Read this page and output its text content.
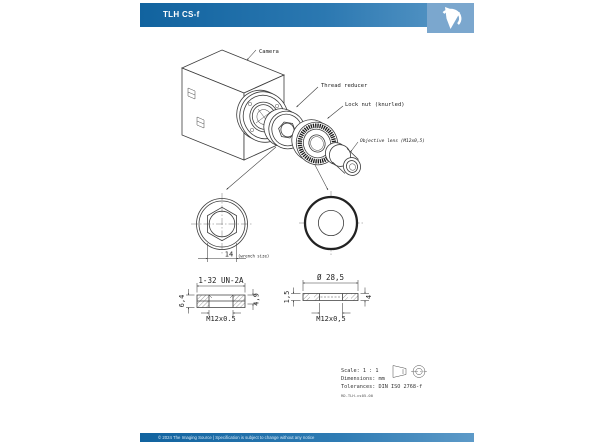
TLH CS-f
Camera
Thread reducer
Lock nut (knurled)
Objective lens (M12x0,5)
14 (wrench size)
1-32 UN-2A
6,4	4,9
M12x0.5
Ø 28,5
1,5	4
M12x0,5
Scale: 1 : 1
Dimensions: mm
Tolerances: DIN ISO 2768-f
RD-TLH-cs05-00
© 2024 The Imaging Source | Specification is subject to change without any notice
